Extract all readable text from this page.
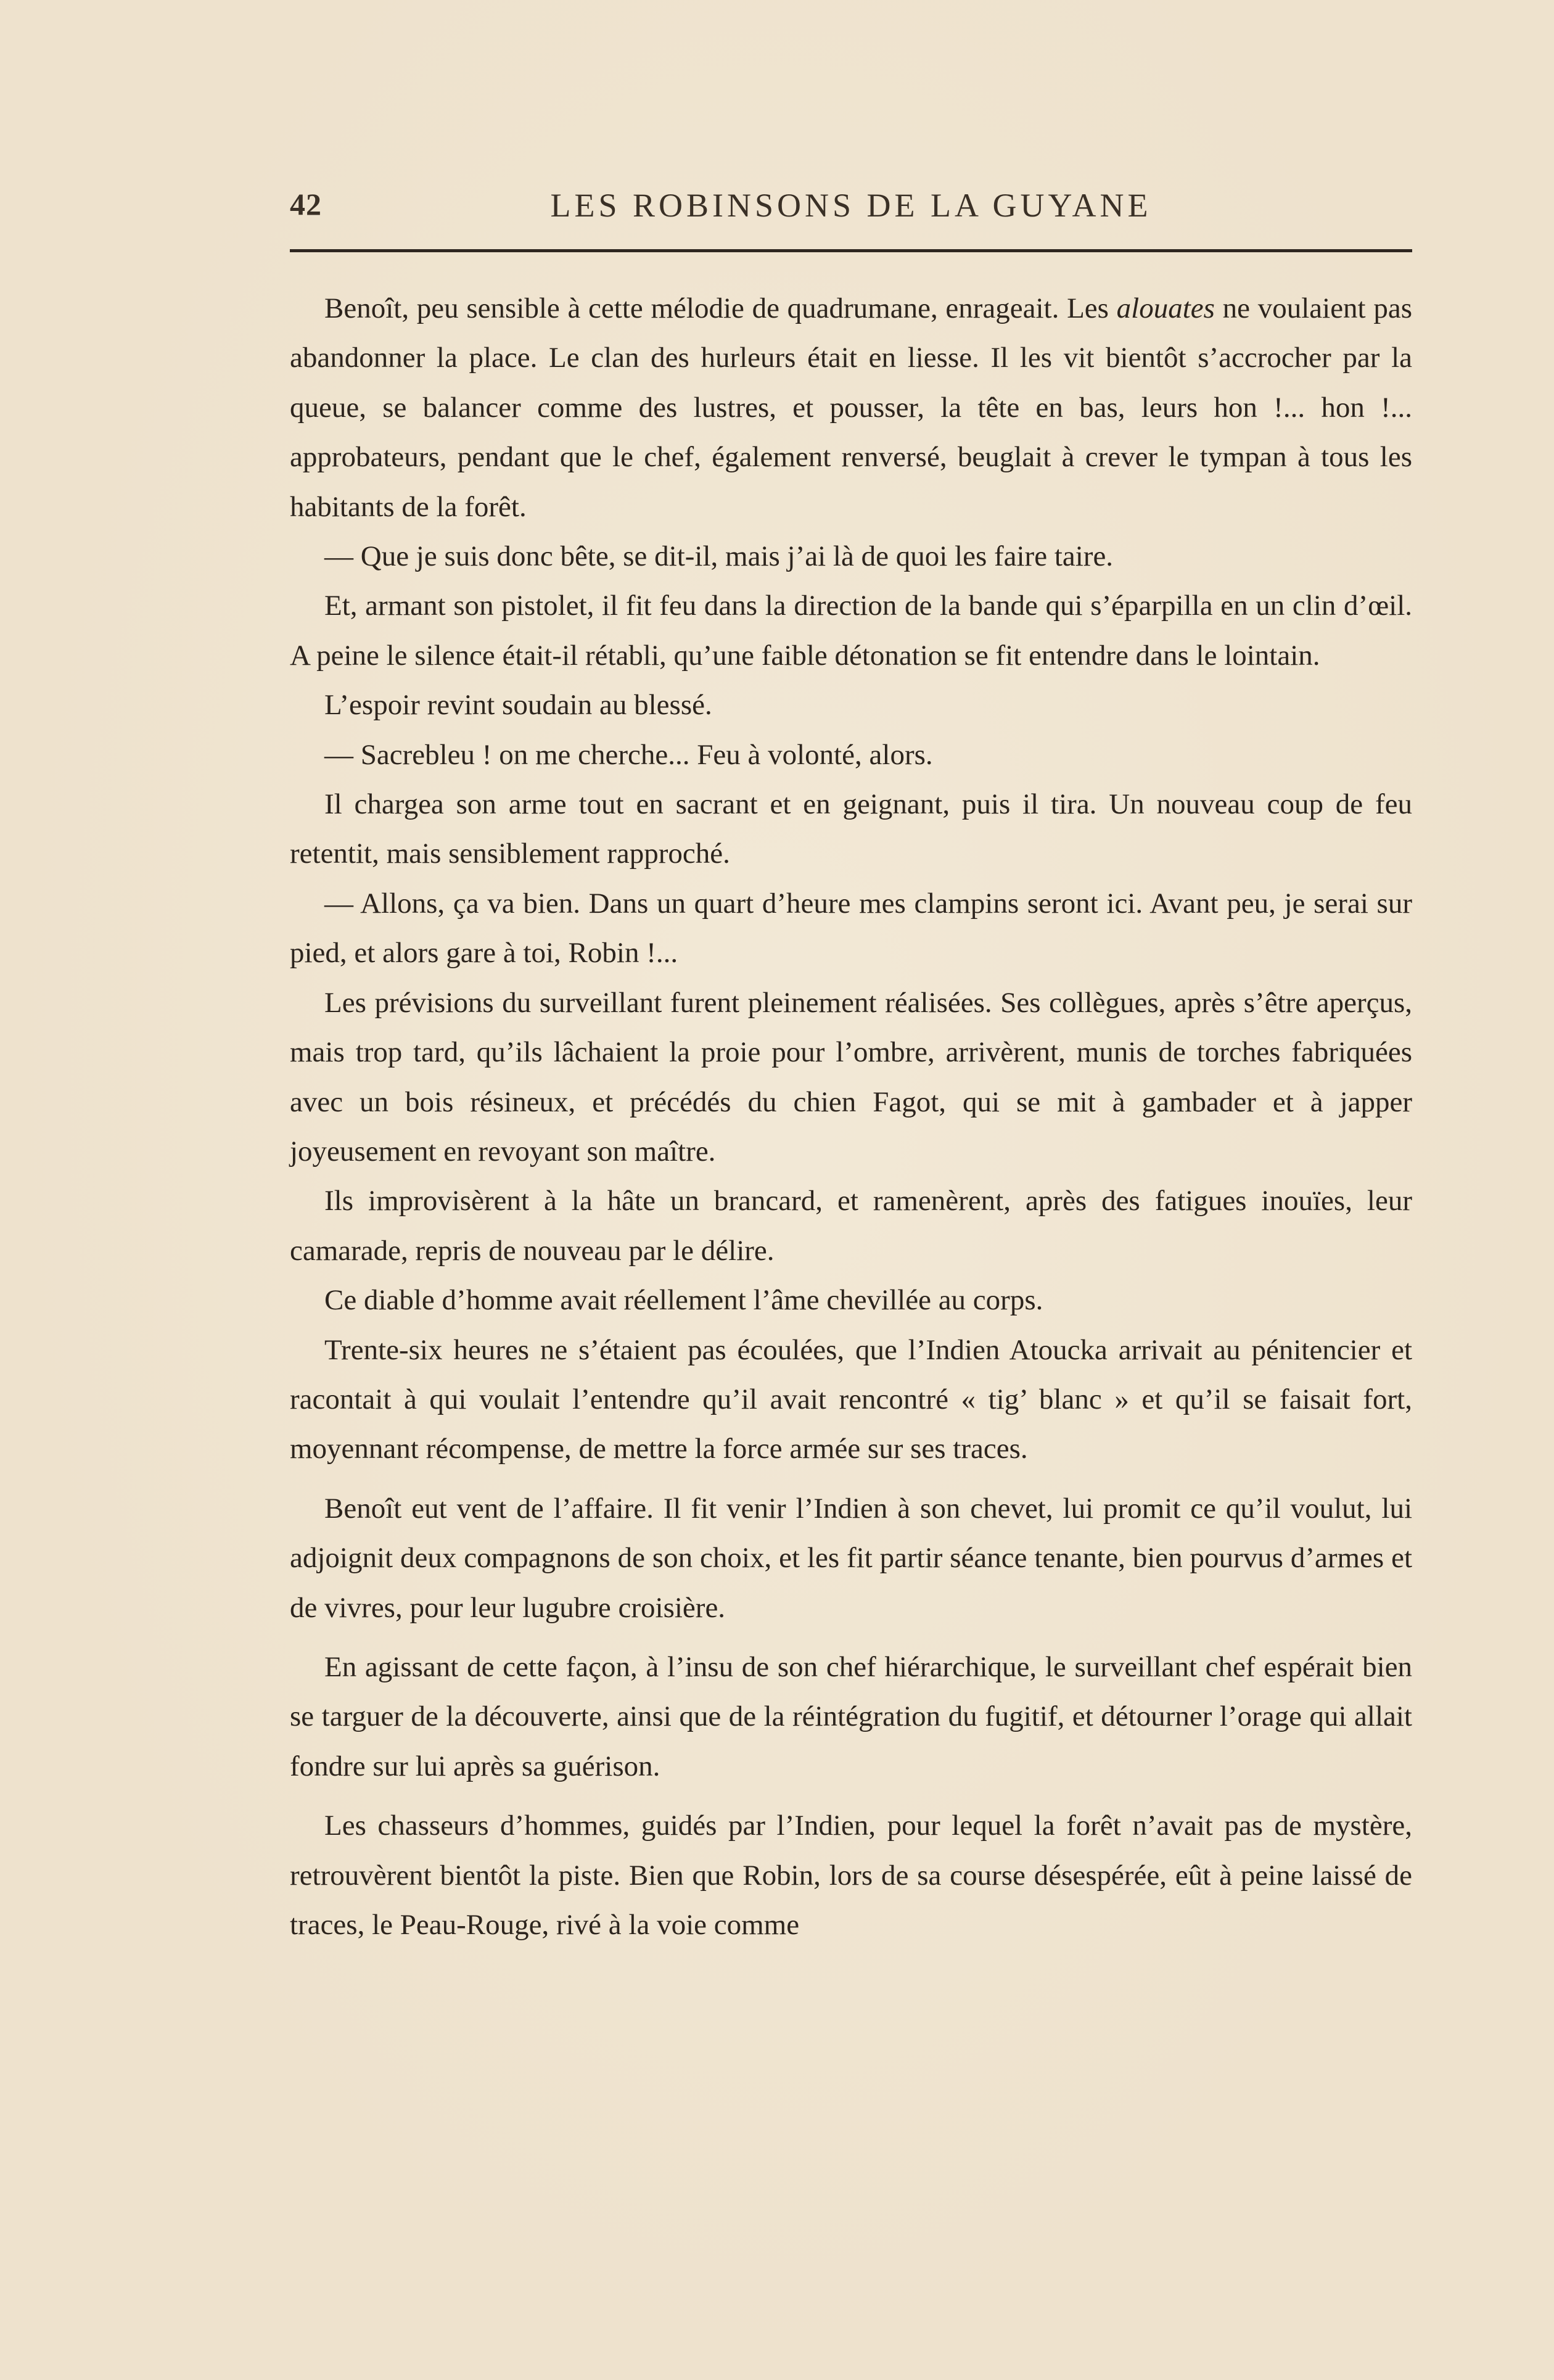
42	LES ROBINSONS DE LA GUYANE

Benoît, peu sensible à cette mélodie de quadrumane, enrageait. Les alouates ne voulaient pas abandonner la place. Le clan des hurleurs était en liesse. Il les vit bientôt s’accrocher par la queue, se balancer comme des lustres, et pousser, la tête en bas, leurs hon !... hon !... approbateurs, pendant que le chef, également renversé, beuglait à crever le tympan à tous les habitants de la forêt.

— Que je suis donc bête, se dit-il, mais j’ai là de quoi les faire taire.

Et, armant son pistolet, il fit feu dans la direction de la bande qui s’éparpilla en un clin d’œil. A peine le silence était-il rétabli, qu’une faible détonation se fit entendre dans le lointain.

L’espoir revint soudain au blessé.

— Sacrebleu ! on me cherche... Feu à volonté, alors.

Il chargea son arme tout en sacrant et en geignant, puis il tira. Un nouveau coup de feu retentit, mais sensiblement rapproché.

— Allons, ça va bien. Dans un quart d’heure mes clampins seront ici. Avant peu, je serai sur pied, et alors gare à toi, Robin !...

Les prévisions du surveillant furent pleinement réalisées. Ses collègues, après s’être aperçus, mais trop tard, qu’ils lâchaient la proie pour l’ombre, arrivèrent, munis de torches fabriquées avec un bois résineux, et précédés du chien Fagot, qui se mit à gambader et à japper joyeusement en revoyant son maître.

Ils improvisèrent à la hâte un brancard, et ramenèrent, après des fatigues inouïes, leur camarade, repris de nouveau par le délire.

Ce diable d’homme avait réellement l’âme chevillée au corps.

Trente-six heures ne s’étaient pas écoulées, que l’Indien Atoucka arrivait au pénitencier et racontait à qui voulait l’entendre qu’il avait rencontré « tig’ blanc » et qu’il se faisait fort, moyennant récompense, de mettre la force armée sur ses traces.

Benoît eut vent de l’affaire. Il fit venir l’Indien à son chevet, lui promit ce qu’il voulut, lui adjoignit deux compagnons de son choix, et les fit partir séance tenante, bien pourvus d’armes et de vivres, pour leur lugubre croisière.

En agissant de cette façon, à l’insu de son chef hiérarchique, le surveillant chef espérait bien se targuer de la découverte, ainsi que de la réintégration du fugitif, et détourner l’orage qui allait fondre sur lui après sa guérison.

Les chasseurs d’hommes, guidés par l’Indien, pour lequel la forêt n’avait pas de mystère, retrouvèrent bientôt la piste. Bien que Robin, lors de sa course désespérée, eût à peine laissé de traces, le Peau-Rouge, rivé à la voie comme
